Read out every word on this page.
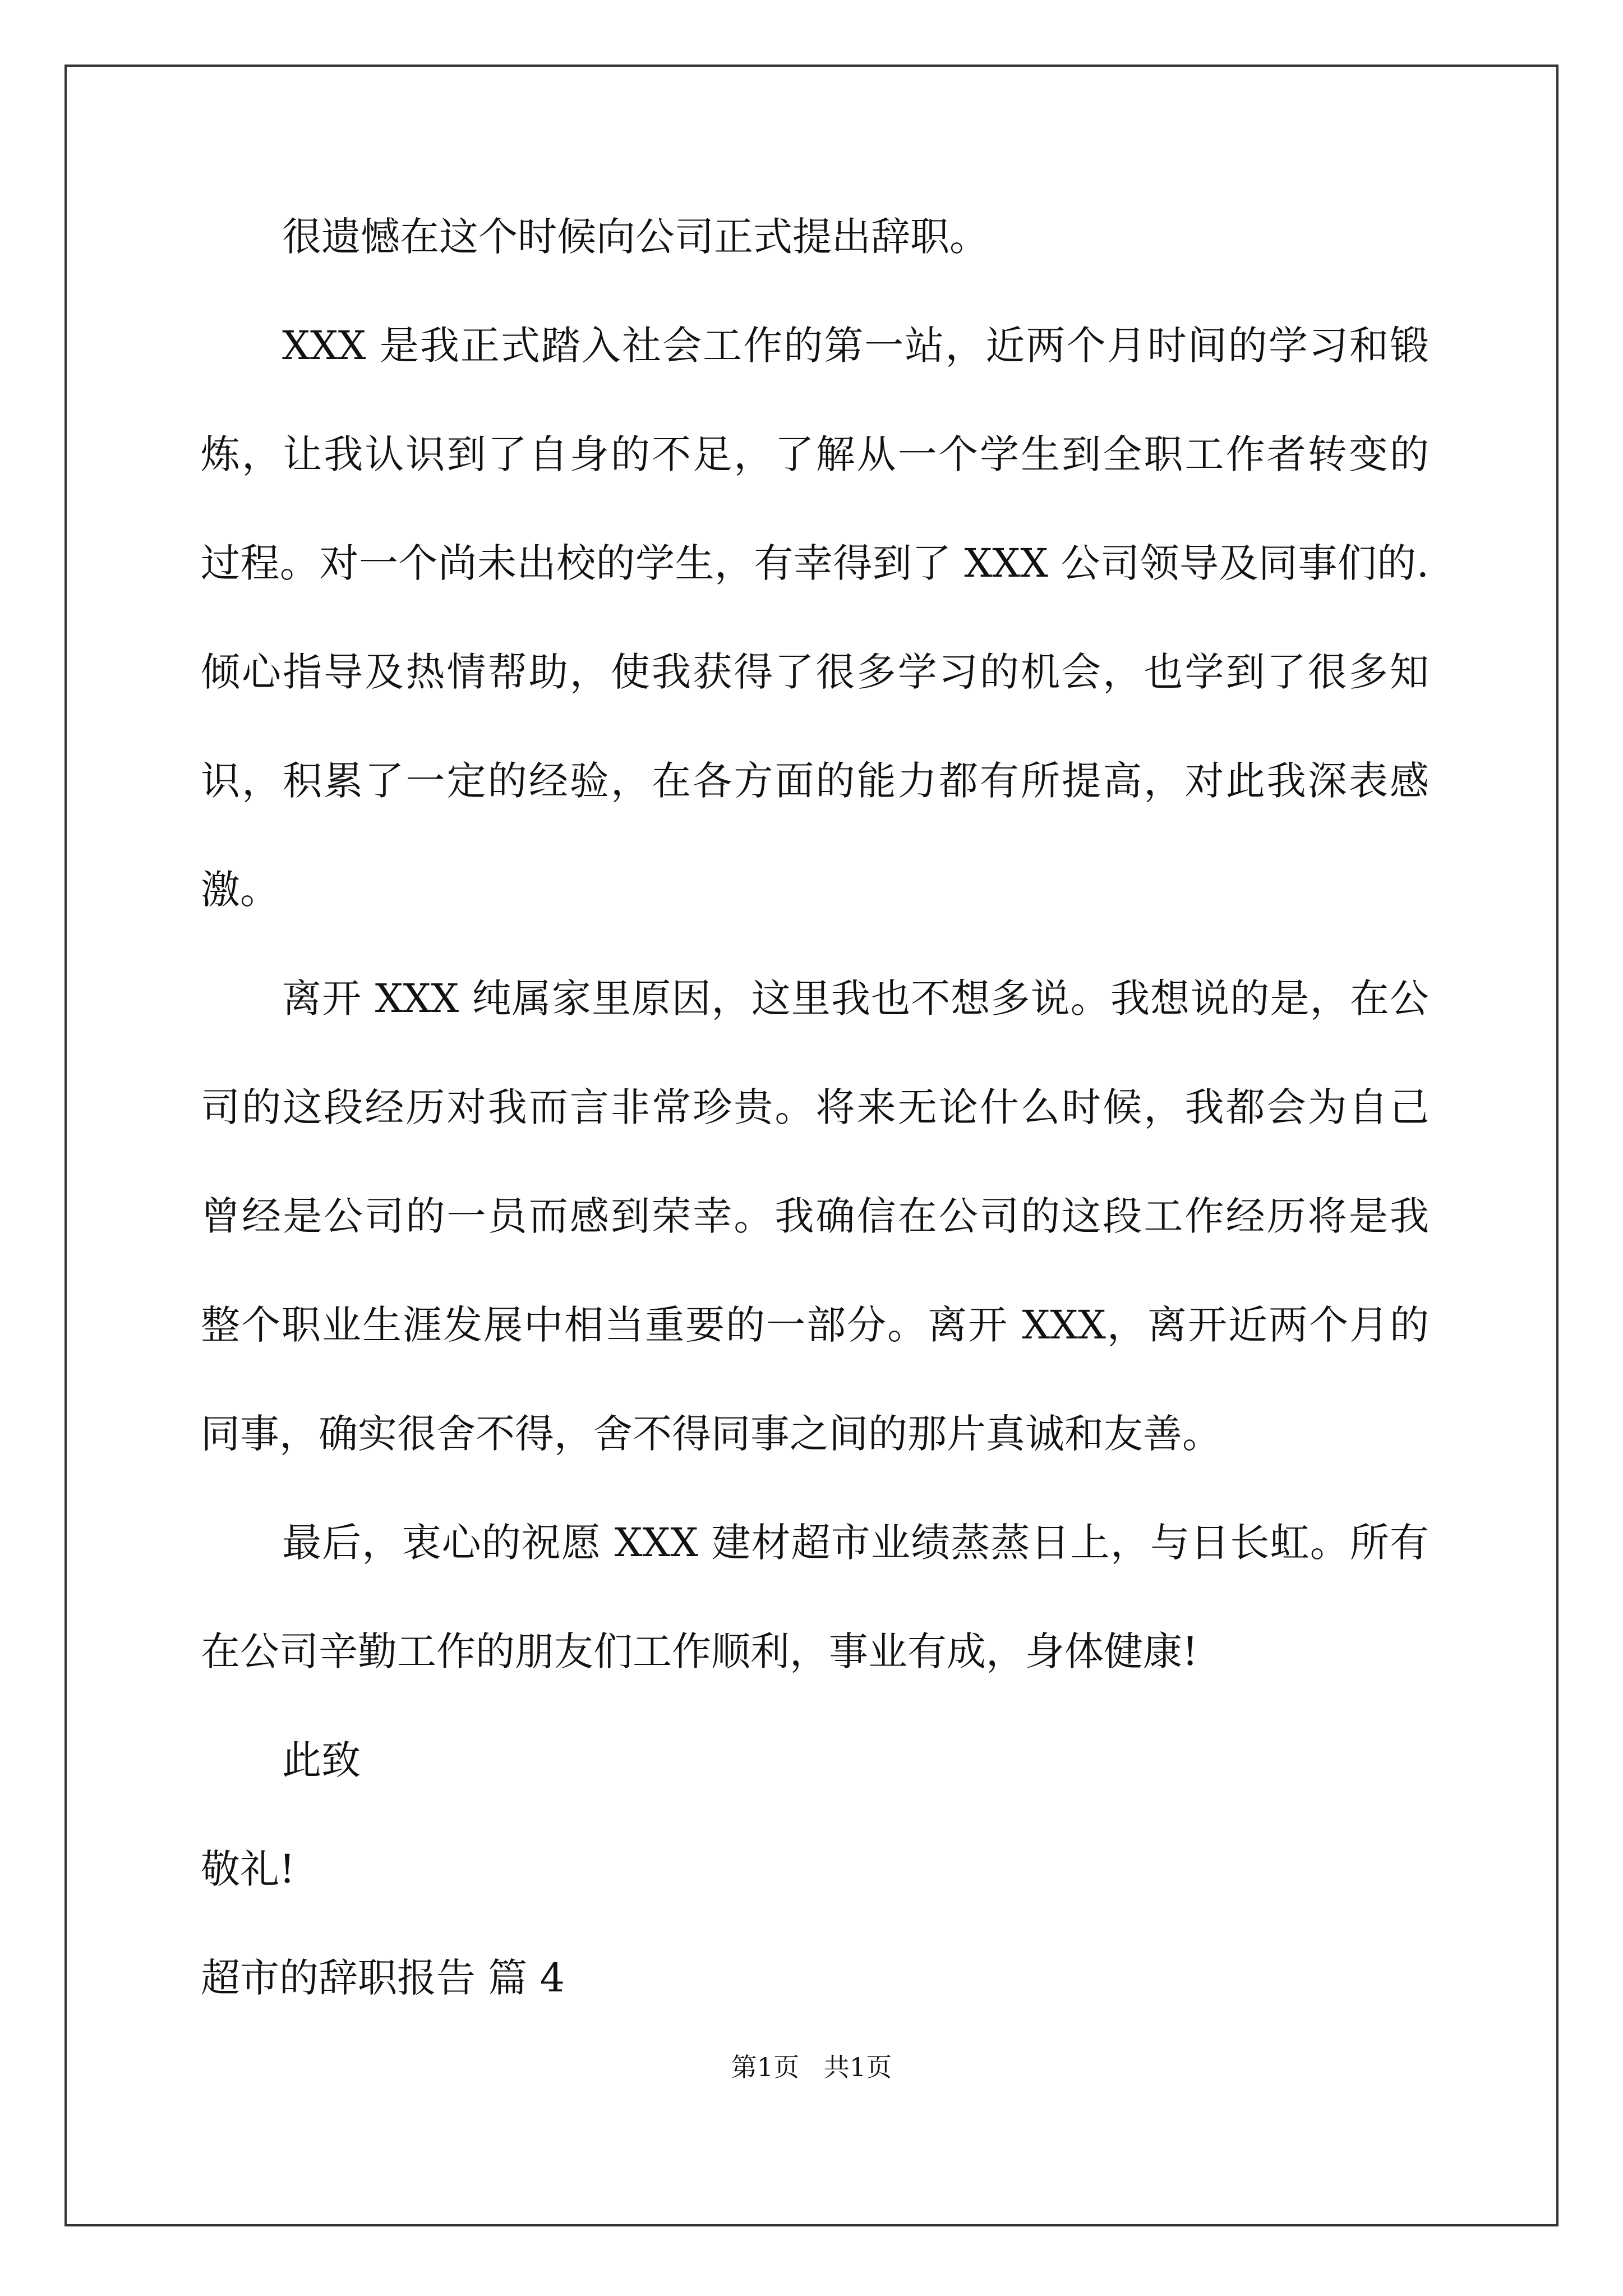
很遗憾在这个时候向公司正式提出辞职。
XXX 是我正式踏入社会工作的第一站，近两个月时间的学习和锻
炼，让我认识到了自身的不足，了解从一个学生到全职工作者转变的
过程。对一个尚未出校的学生，有幸得到了 XXX 公司领导及同事们的.
倾心指导及热情帮助，使我获得了很多学习的机会，也学到了很多知
识，积累了一定的经验，在各方面的能力都有所提高，对此我深表感
激。
离开 XXX 纯属家里原因，这里我也不想多说。我想说的是，在公
司的这段经历对我而言非常珍贵。将来无论什么时候，我都会为自己
曾经是公司的一员而感到荣幸。我确信在公司的这段工作经历将是我
整个职业生涯发展中相当重要的一部分。离开 XXX，离开近两个月的
同事，确实很舍不得，舍不得同事之间的那片真诚和友善。
最后，衷心的祝愿 XXX 建材超市业绩蒸蒸日上，与日长虹。所有
在公司辛勤工作的朋友们工作顺利，事业有成，身体健康!
此致
敬礼!
超市的辞职报告 篇 4
第1页   共1页
